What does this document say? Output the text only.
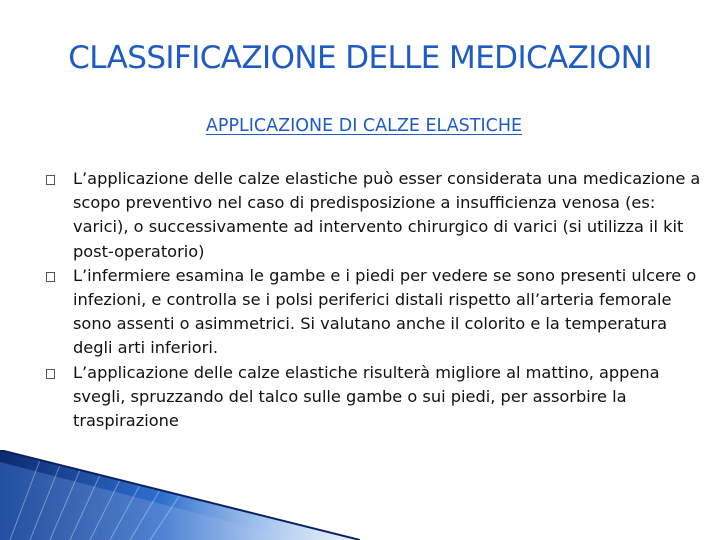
CLASSIFICAZIONE DELLE MEDICAZIONI
APPLICAZIONE DI CALZE ELASTICHE
L’applicazione delle calze elastiche può esser considerata una medicazione a scopo preventivo nel caso di predisposizione a insufficienza venosa (es: varici), o successivamente ad intervento chirurgico di varici (si utilizza il kit post-operatorio)
L’infermiere esamina le gambe e i piedi per vedere se sono presenti ulcere o infezioni, e controlla se i polsi periferici distali rispetto all’arteria femorale sono assenti o asimmetrici. Si valutano anche il colorito e la temperatura degli arti inferiori.
L’applicazione delle calze elastiche risulterà migliore al mattino, appena svegli, spruzzando del talco sulle gambe o sui piedi, per assorbire la traspirazione
